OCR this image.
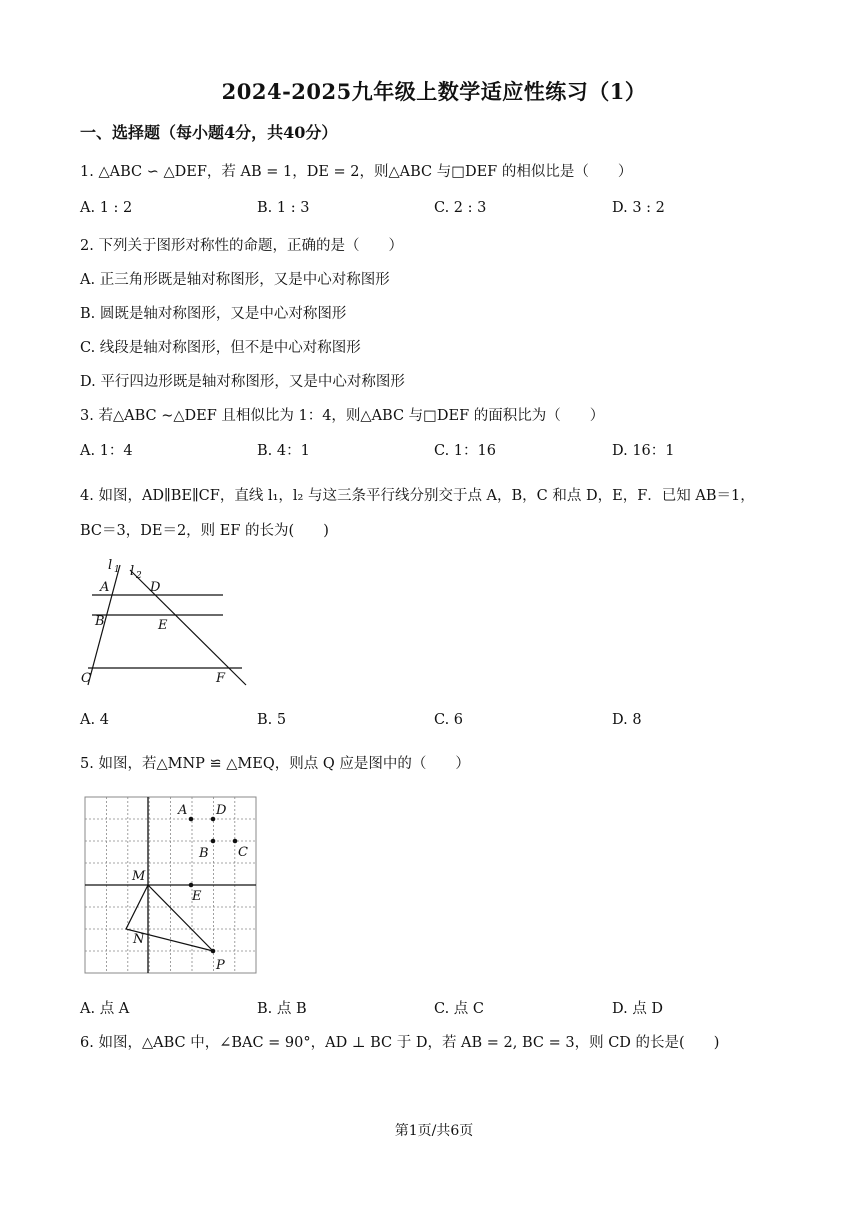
2024-2025九年级上数学适应性练习（1）
一、选择题（每小题4分，共40分）
1. △ABC ∽ △DEF，若 AB = 1，DE = 2，则△ABC 与□DEF 的相似比是（　　）
A. 1 : 2	B. 1 : 3	C. 2 : 3	D. 3 : 2
2. 下列关于图形对称性的命题，正确的是（　　）
A. 正三角形既是轴对称图形，又是中心对称图形
B. 圆既是轴对称图形，又是中心对称图形
C. 线段是轴对称图形，但不是中心对称图形
D. 平行四边形既是轴对称图形，又是中心对称图形
3. 若△ABC ∼△DEF 且相似比为 1：4，则△ABC 与□DEF 的面积比为（　　）
A. 1：4	B. 4：1	C. 1：16	D. 16：1
4. 如图，AD∥BE∥CF，直线 l₁，l₂ 与这三条平行线分别交于点 A，B，C 和点 D，E，F．已知 AB＝1，
BC＝3，DE＝2，则 EF 的长为(　　)
l 1 l 2
A	D
B	E
C	F
A. 4	B. 5	C. 6	D. 8
5. 如图，若△MNP ≌ △MEQ，则点 Q 应是图中的（　　）
A D
B C
M
E
N
P
A. 点 A	B. 点 B	C. 点 C	D. 点 D
6. 如图，△ABC 中，∠BAC = 90°，AD ⊥ BC 于 D，若 AB = 2, BC = 3，则 CD 的长是(　　)
第1页/共6页
